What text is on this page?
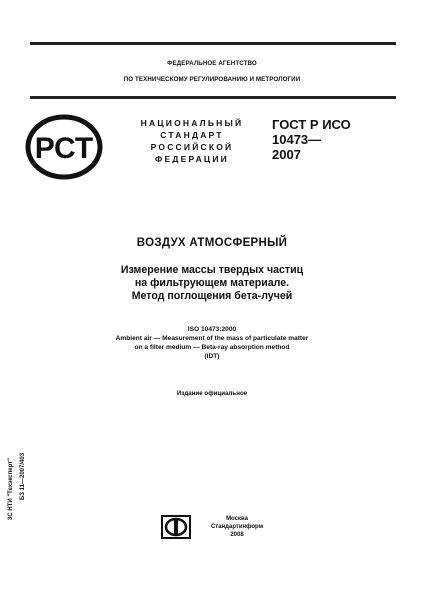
ФЕДЕРАЛЬНОЕ АГЕНТСТВО
ПО ТЕХНИЧЕСКОМУ РЕГУЛИРОВАНИЮ И МЕТРОЛОГИИ
РСТ
НАЦИОНАЛЬНЫЙ
СТАНДАРТ
РОССИЙСКОЙ
ФЕДЕРАЦИИ
ГОСТ Р ИСО
10473—
2007
ВОЗДУХ АТМОСФЕРНЫЙ
Измерение массы твердых частиц
на фильтрующем материале.
Метод поглощения бета-лучей
ISO 10473:2000
Ambient air — Measurement of the mass of particulate matter
on a filter medium — Beta-ray absorption method
(IDT)
Издание официальное
3С НТИ "Техэксперт" БЗ 11—2007/403
Москва
Стандартинформ
2008
